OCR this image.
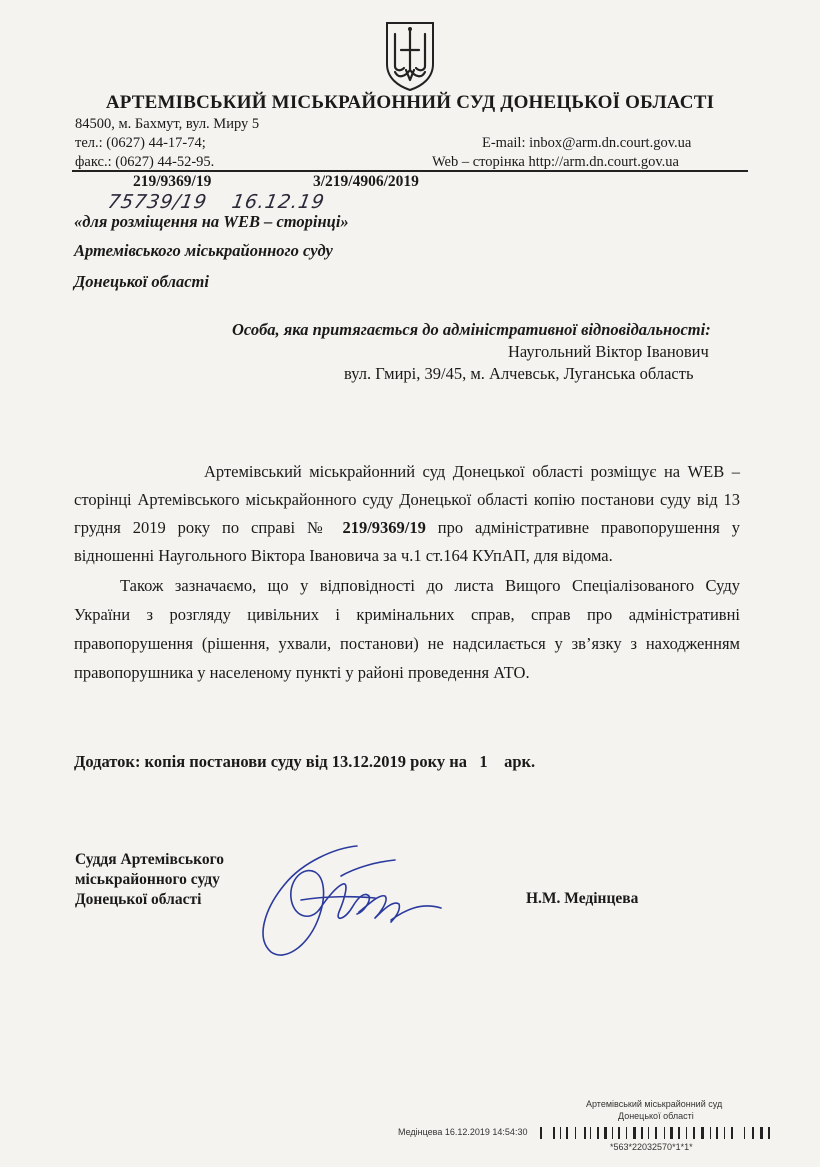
АРТЕМІВСЬКИЙ МІСЬКРАЙОННИЙ СУД ДОНЕЦЬКОЇ ОБЛАСТІ
84500, м. Бахмут, вул. Миру 5
тел.: (0627) 44-17-74;
факс.: (0627) 44-52-95.
E-mail: inbox@arm.dn.court.gov.ua
Web – сторінка http://arm.dn.court.gov.ua
219/9369/19	3/219/4906/2019
75739/19 16.12.19
«для розміщення на WEB – сторінці»
Артемівського міськрайонного суду
Донецької області
Особа, яка притягається до адміністративної відповідальності:
Наугольний Віктор Іванович
вул. Гмирі, 39/45, м. Алчевськ, Луганська область
Артемівський міськрайонний суд Донецької області розміщує на WEB –
сторінці Артемівського міськрайонного суду Донецької області копію постанови суду від 13
грудня 2019 року по справі № 219/9369/19 про адміністративне правопорушення у
відношенні Наугольного Віктора Івановича за ч.1 ст.164 КУпАП, для відома.
Також зазначаємо, що у відповідності до листа Вищого Спеціалізованого Суду
України з розгляду цивільних і кримінальних справ, справ про адміністративні
правопорушення (рішення, ухвали, постанови) не надсилається у зв’язку з находженням
правопорушника у населеному пункті у районі проведення АТО.
Додаток: копія постанови суду від 13.12.2019 року на   1    арк.
Суддя Артемівського
міськрайонного суду
Донецької області	Н.М. Медінцева
Артемівський міськрайонний суд
Донецької області
Медінцева 16.12.2019 14:54:30
*563*22032570*1*1*
